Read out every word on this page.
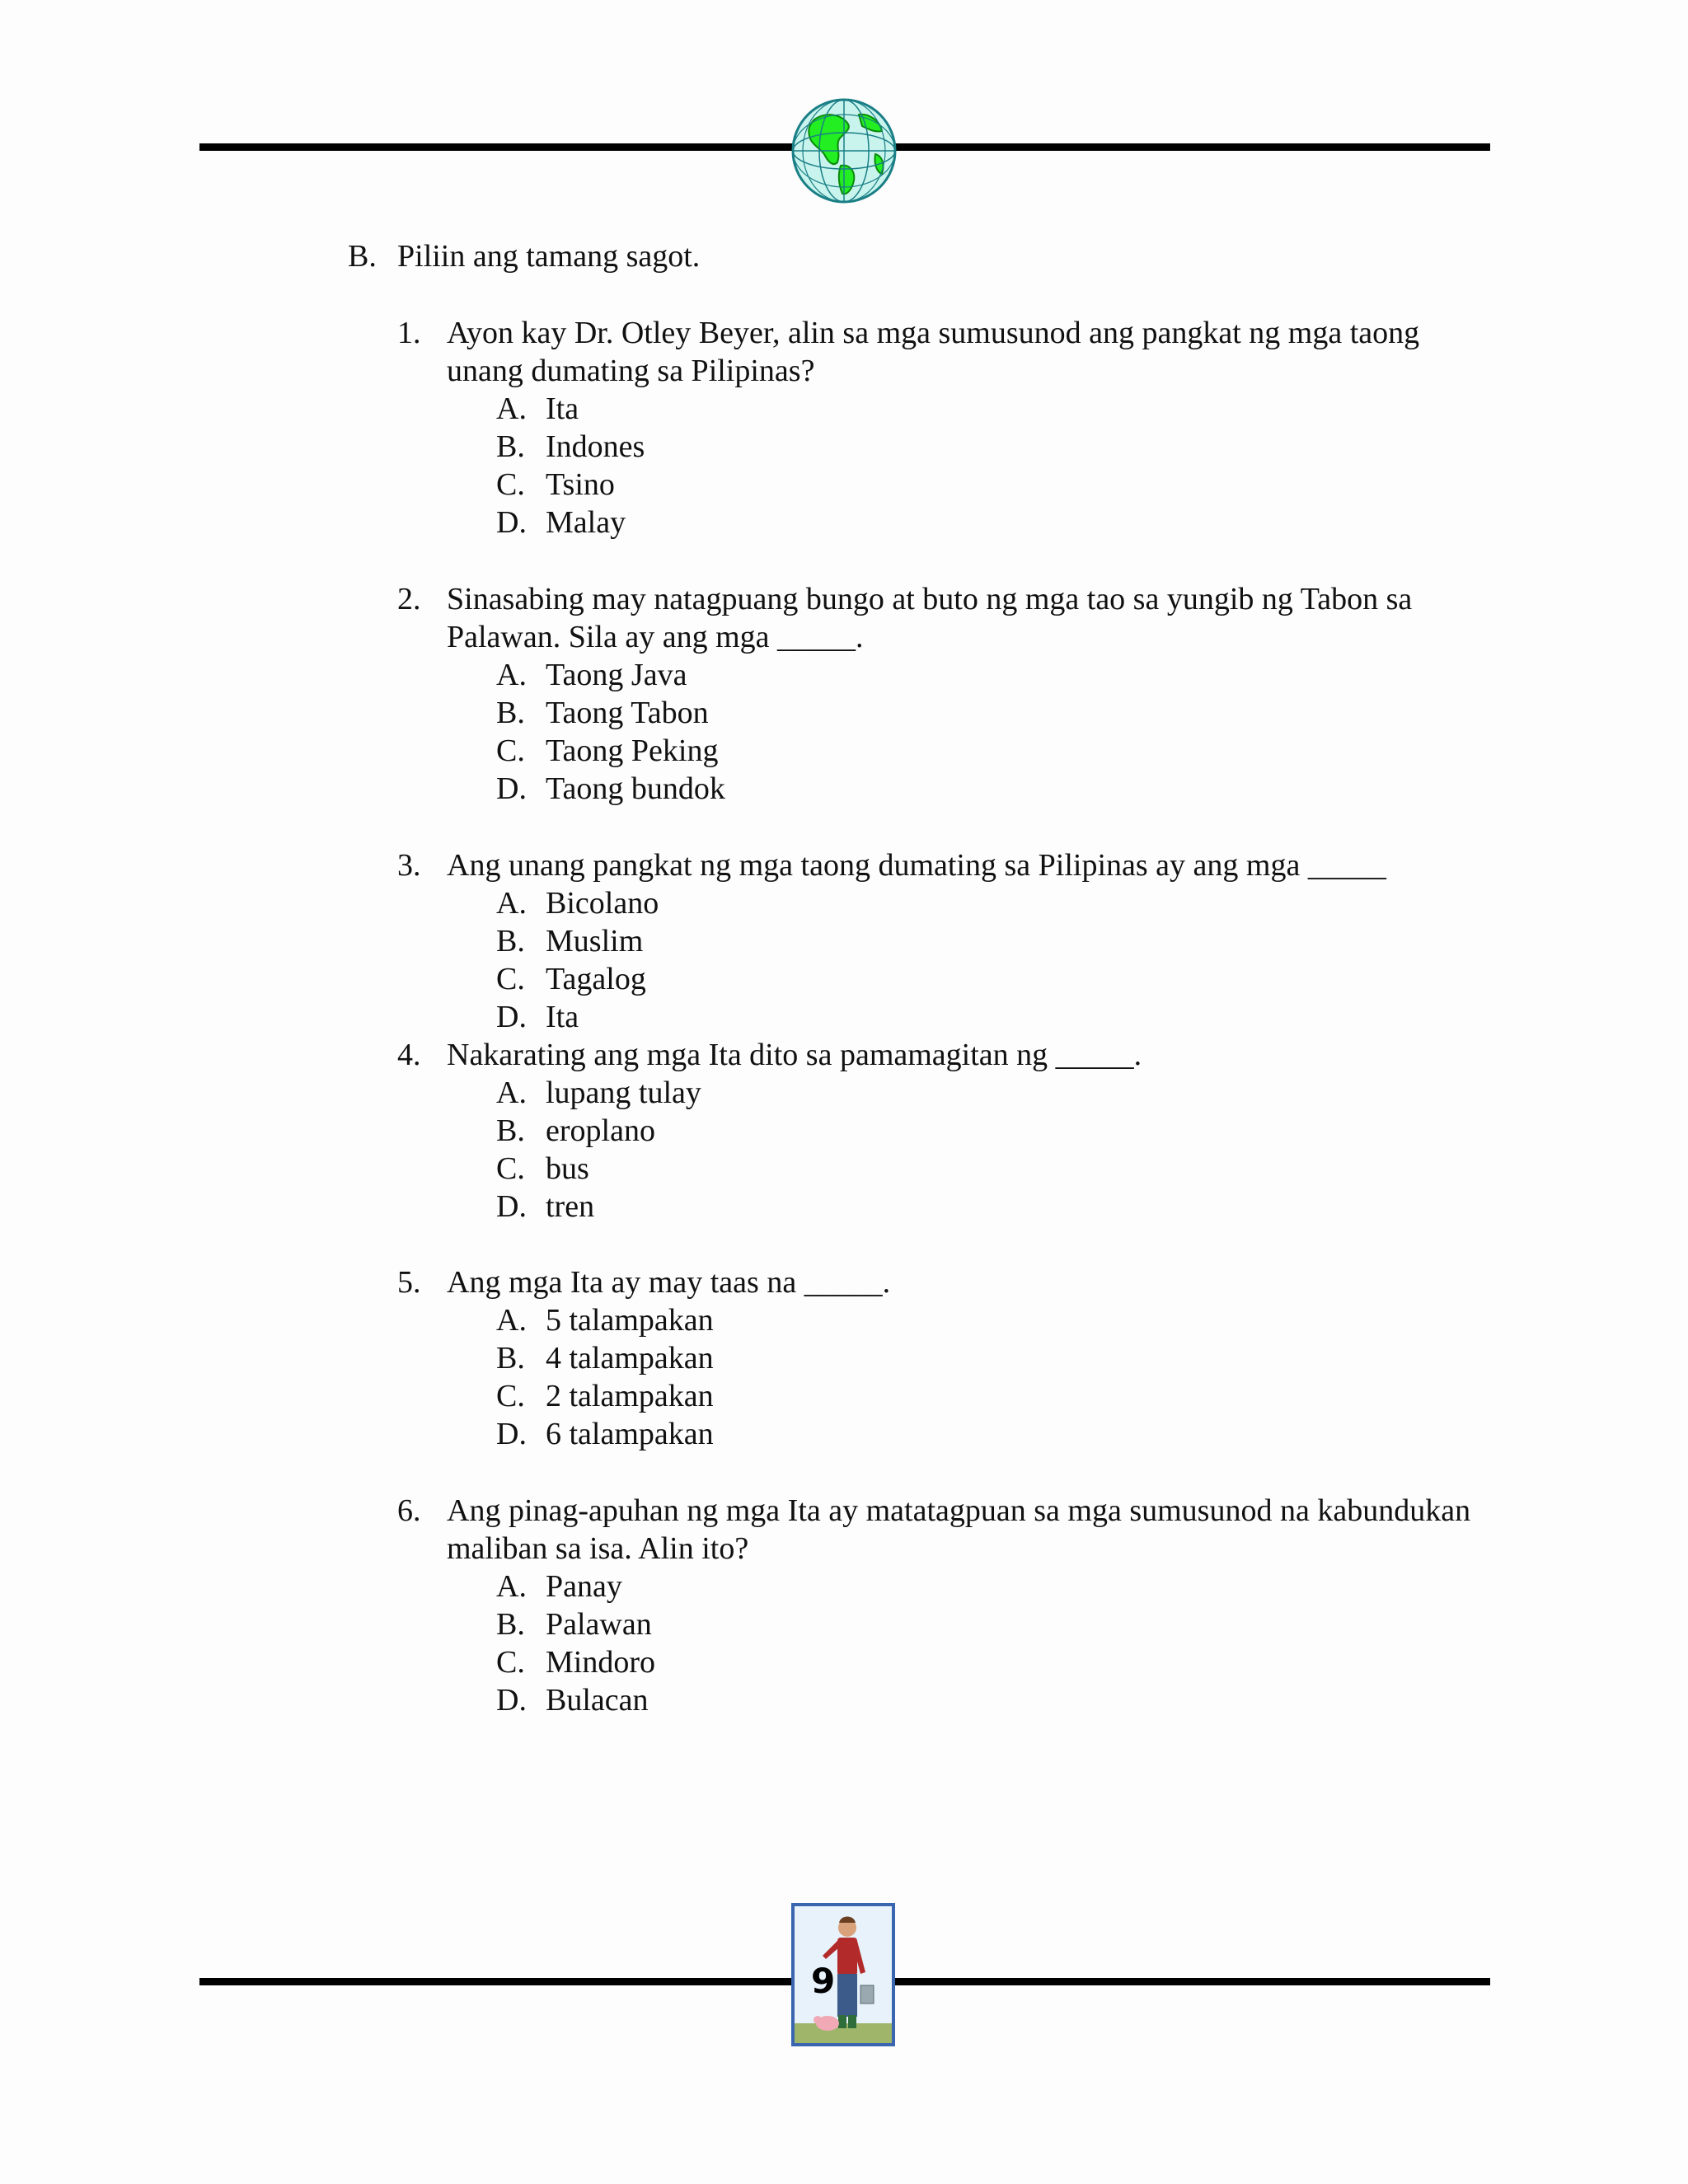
B. Piliin ang tamang sagot.
1. Ayon kay Dr. Otley Beyer, alin sa mga sumusunod ang pangkat ng mga taong unang dumating sa Pilipinas?
A. Ita
B. Indones
C. Tsino
D. Malay
2. Sinasabing may natagpuang bungo at buto ng mga tao sa yungib ng Tabon sa Palawan. Sila ay ang mga _____.
A. Taong Java
B. Taong Tabon
C. Taong Peking
D. Taong bundok
3. Ang unang pangkat ng mga taong dumating sa Pilipinas ay ang mga _____
A. Bicolano
B. Muslim
C. Tagalog
D. Ita
4. Nakarating ang mga Ita dito sa pamamagitan ng _____.
A. lupang tulay
B. eroplano
C. bus
D. tren
5. Ang mga Ita ay may taas na _____.
A. 5 talampakan
B. 4 talampakan
C. 2 talampakan
D. 6 talampakan
6. Ang pinag-apuhan ng mga Ita ay matatagpuan sa mga sumusunod na kabundukan maliban sa isa. Alin ito?
A. Panay
B. Palawan
C. Mindoro
D. Bulacan
9
